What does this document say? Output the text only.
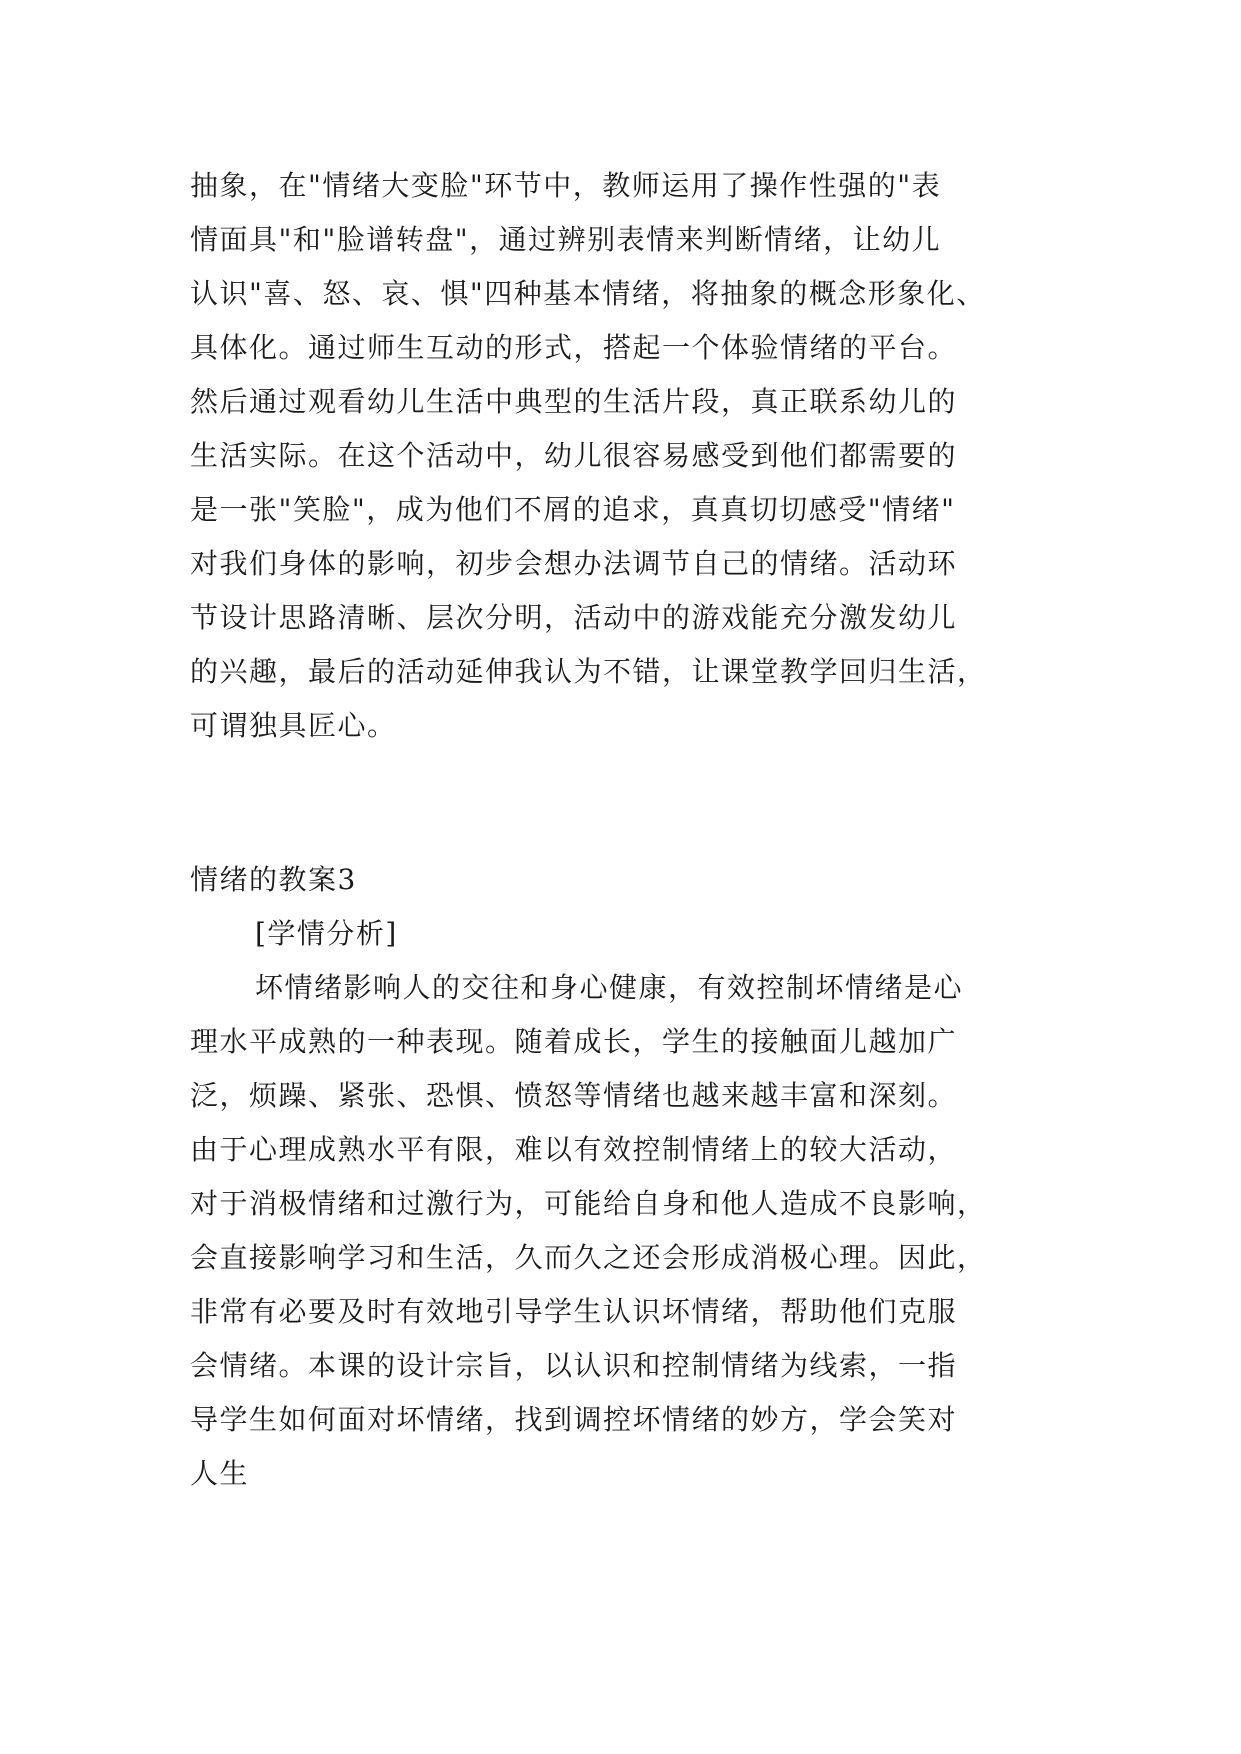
抽象，在"情绪大变脸"环节中，教师运用了操作性强的"表
情面具"和"脸谱转盘"，通过辨别表情来判断情绪，让幼儿
认识"喜、怒、哀、惧"四种基本情绪，将抽象的概念形象化、
具体化。通过师生互动的形式，搭起一个体验情绪的平台。
然后通过观看幼儿生活中典型的生活片段，真正联系幼儿的
生活实际。在这个活动中，幼儿很容易感受到他们都需要的
是一张"笑脸"，成为他们不屑的追求，真真切切感受"情绪"
对我们身体的影响，初步会想办法调节自己的情绪。活动环
节设计思路清晰、层次分明，活动中的游戏能充分激发幼儿
的兴趣，最后的活动延伸我认为不错，让课堂教学回归生活，
可谓独具匠心。
情绪的教案3
[学情分析]
坏情绪影响人的交往和身心健康，有效控制坏情绪是心
理水平成熟的一种表现。随着成长，学生的接触面儿越加广
泛，烦躁、紧张、恐惧、愤怒等情绪也越来越丰富和深刻。
由于心理成熟水平有限，难以有效控制情绪上的较大活动，
对于消极情绪和过激行为，可能给自身和他人造成不良影响，
会直接影响学习和生活，久而久之还会形成消极心理。因此，
非常有必要及时有效地引导学生认识坏情绪，帮助他们克服
会情绪。本课的设计宗旨，以认识和控制情绪为线索，一指
导学生如何面对坏情绪，找到调控坏情绪的妙方，学会笑对
人生
